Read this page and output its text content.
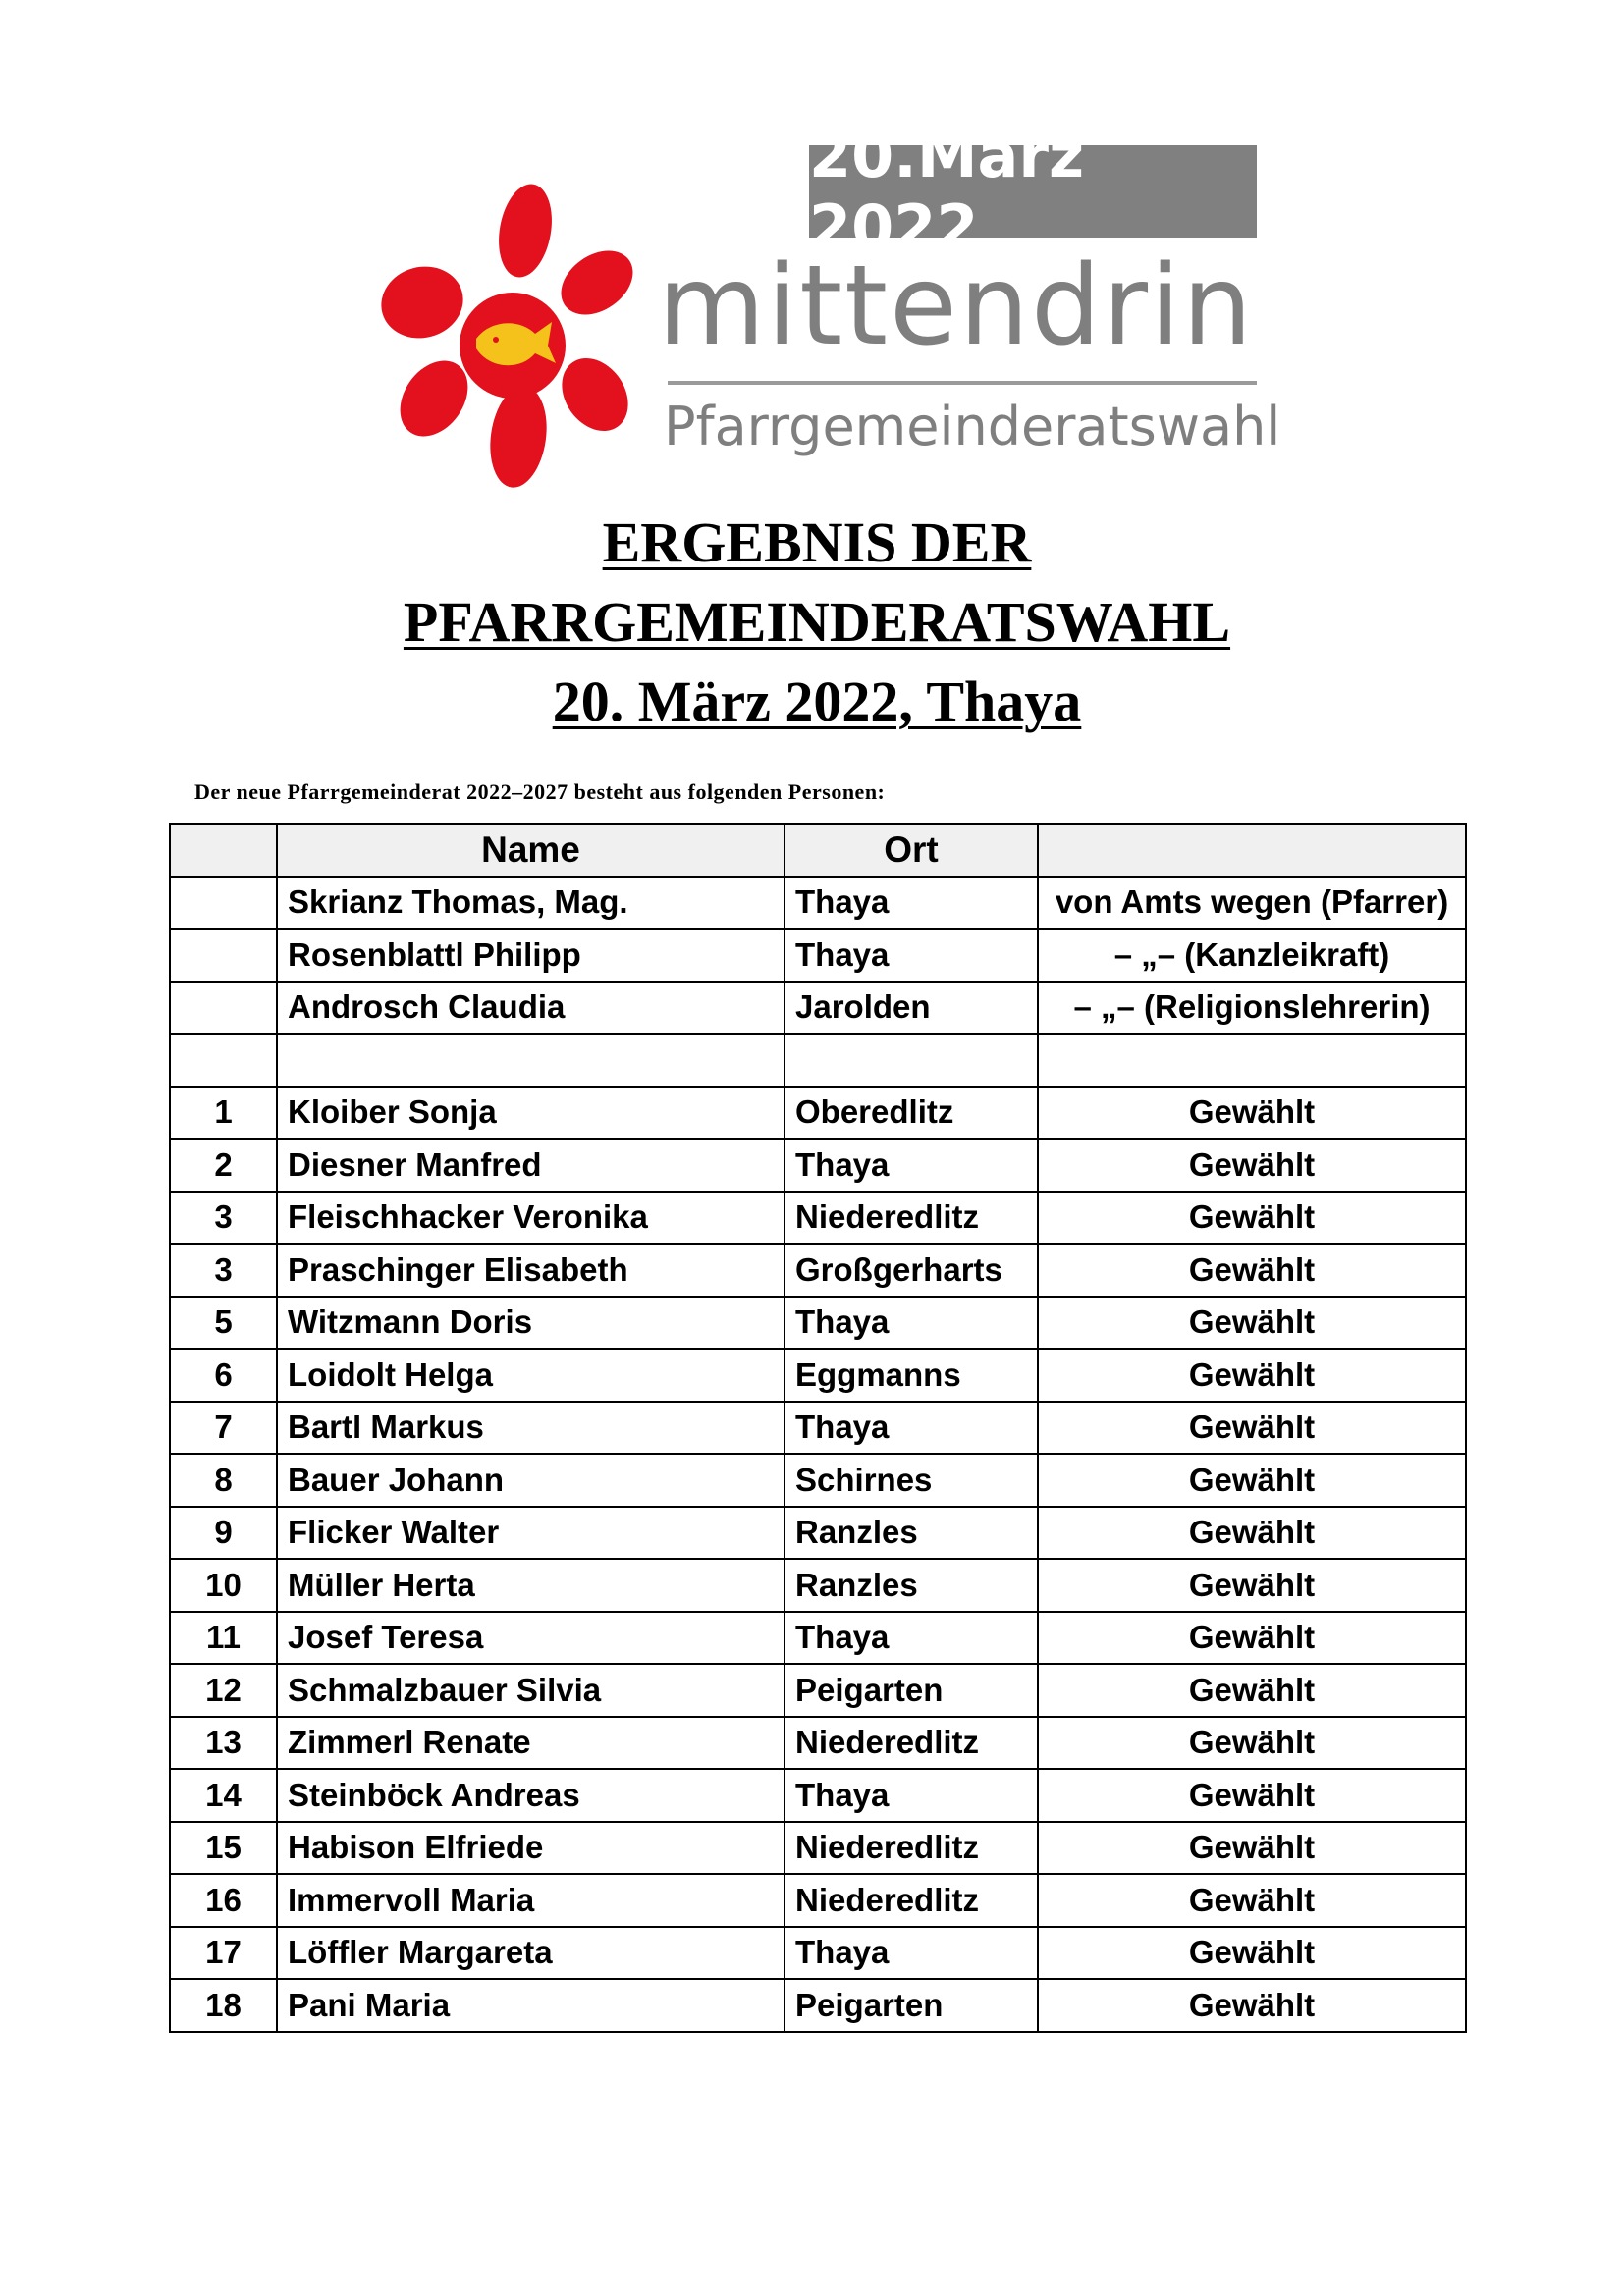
20.März 2022
mittendrin
Pfarrgemeinderatswahl
ERGEBNIS DER
PFARRGEMEINDERATSWAHL
20. März 2022, Thaya
Der neue Pfarrgemeinderat 2022–2027 besteht aus folgenden Personen:
	Name	Ort	
	Skrianz Thomas, Mag.	Thaya	von Amts wegen (Pfarrer)
	Rosenblattl Philipp	Thaya	– „– (Kanzleikraft)
	Androsch Claudia	Jarolden	– „– (Religionslehrerin)

1	Kloiber Sonja	Oberedlitz	Gewählt
2	Diesner Manfred	Thaya	Gewählt
3	Fleischhacker Veronika	Niederedlitz	Gewählt
3	Praschinger Elisabeth	Großgerharts	Gewählt
5	Witzmann Doris	Thaya	Gewählt
6	Loidolt Helga	Eggmanns	Gewählt
7	Bartl Markus	Thaya	Gewählt
8	Bauer Johann	Schirnes	Gewählt
9	Flicker Walter	Ranzles	Gewählt
10	Müller Herta	Ranzles	Gewählt
11	Josef Teresa	Thaya	Gewählt
12	Schmalzbauer Silvia	Peigarten	Gewählt
13	Zimmerl Renate	Niederedlitz	Gewählt
14	Steinböck Andreas	Thaya	Gewählt
15	Habison Elfriede	Niederedlitz	Gewählt
16	Immervoll Maria	Niederedlitz	Gewählt
17	Löffler Margareta	Thaya	Gewählt
18	Pani Maria	Peigarten	Gewählt
